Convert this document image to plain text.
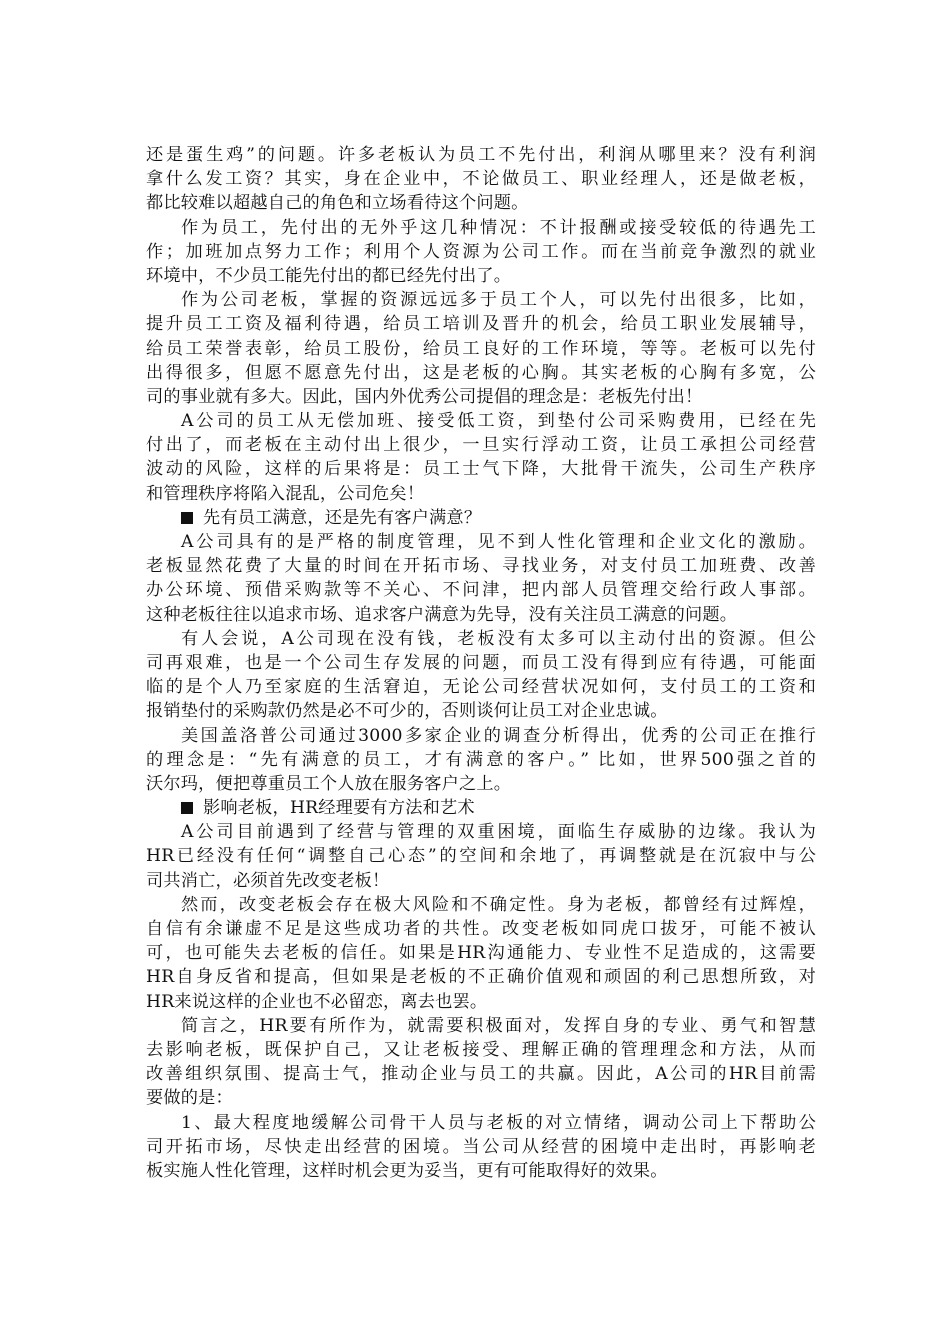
还是蛋生鸡”的问题。许多老板认为员工不先付出，利润从哪里来？没有利润
拿什么发工资？其实，身在企业中，不论做员工、职业经理人，还是做老板，
都比较难以超越自己的角色和立场看待这个问题。
作为员工，先付出的无外乎这几种情况：不计报酬或接受较低的待遇先工
作；加班加点努力工作；利用个人资源为公司工作。而在当前竞争激烈的就业
环境中，不少员工能先付出的都已经先付出了。
作为公司老板，掌握的资源远远多于员工个人，可以先付出很多，比如，
提升员工工资及福利待遇，给员工培训及晋升的机会，给员工职业发展辅导，
给员工荣誉表彰，给员工股份，给员工良好的工作环境，等等。老板可以先付
出得很多，但愿不愿意先付出，这是老板的心胸。其实老板的心胸有多宽，公
司的事业就有多大。因此，国内外优秀公司提倡的理念是：老板先付出！
A公司的员工从无偿加班、接受低工资，到垫付公司采购费用，已经在先
付出了，而老板在主动付出上很少，一旦实行浮动工资，让员工承担公司经营
波动的风险，这样的后果将是：员工士气下降，大批骨干流失，公司生产秩序
和管理秩序将陷入混乱，公司危矣！
先有员工满意，还是先有客户满意？
A公司具有的是严格的制度管理，见不到人性化管理和企业文化的激励。
老板显然花费了大量的时间在开拓市场、寻找业务，对支付员工加班费、改善
办公环境、预借采购款等不关心、不问津，把内部人员管理交给行政人事部。
这种老板往往以追求市场、追求客户满意为先导，没有关注员工满意的问题。
有人会说，A公司现在没有钱，老板没有太多可以主动付出的资源。但公
司再艰难，也是一个公司生存发展的问题，而员工没有得到应有待遇，可能面
临的是个人乃至家庭的生活窘迫，无论公司经营状况如何，支付员工的工资和
报销垫付的采购款仍然是必不可少的，否则谈何让员工对企业忠诚。
美国盖洛普公司通过3000多家企业的调查分析得出，优秀的公司正在推行
的理念是：“先有满意的员工，才有满意的客户。” 比如，世界500强之首的
沃尔玛，便把尊重员工个人放在服务客户之上。
影响老板，HR经理要有方法和艺术
A公司目前遇到了经营与管理的双重困境，面临生存威胁的边缘。我认为
HR已经没有任何“调整自己心态”的空间和余地了，再调整就是在沉寂中与公
司共消亡，必须首先改变老板！
然而，改变老板会存在极大风险和不确定性。身为老板，都曾经有过辉煌，
自信有余谦虚不足是这些成功者的共性。改变老板如同虎口拔牙，可能不被认
可，也可能失去老板的信任。如果是HR沟通能力、专业性不足造成的，这需要
HR自身反省和提高，但如果是老板的不正确价值观和顽固的利己思想所致，对
HR来说这样的企业也不必留恋，离去也罢。
简言之，HR要有所作为，就需要积极面对，发挥自身的专业、勇气和智慧
去影响老板，既保护自己，又让老板接受、理解正确的管理理念和方法，从而
改善组织氛围、提高士气，推动企业与员工的共赢。因此，A公司的HR目前需
要做的是：
1、最大程度地缓解公司骨干人员与老板的对立情绪，调动公司上下帮助公
司开拓市场，尽快走出经营的困境。当公司从经营的困境中走出时，再影响老
板实施人性化管理，这样时机会更为妥当，更有可能取得好的效果。
